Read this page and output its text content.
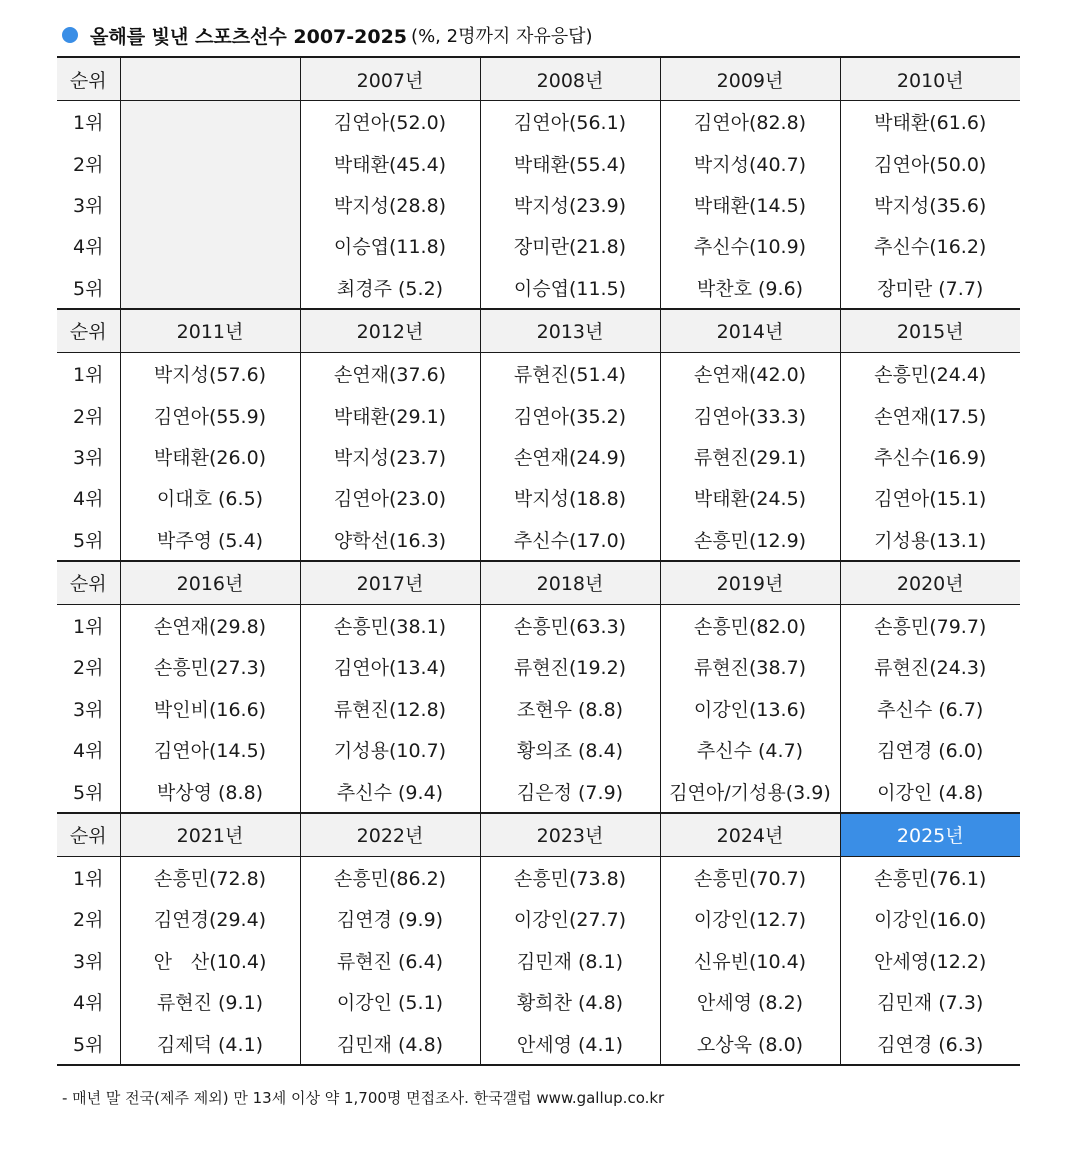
올해를 빛낸 스포츠선수 2007-2025 (%, 2명까지 자유응답)
순위		2007년	2008년	2009년	2010년
1위		김연아(52.0)	김연아(56.1)	김연아(82.8)	박태환(61.6)
2위		박태환(45.4)	박태환(55.4)	박지성(40.7)	김연아(50.0)
3위		박지성(28.8)	박지성(23.9)	박태환(14.5)	박지성(35.6)
4위		이승엽(11.8)	장미란(21.8)	추신수(10.9)	추신수(16.2)
5위		최경주 (5.2)	이승엽(11.5)	박찬호 (9.6)	장미란 (7.7)
순위	2011년	2012년	2013년	2014년	2015년
1위	박지성(57.6)	손연재(37.6)	류현진(51.4)	손연재(42.0)	손흥민(24.4)
2위	김연아(55.9)	박태환(29.1)	김연아(35.2)	김연아(33.3)	손연재(17.5)
3위	박태환(26.0)	박지성(23.7)	손연재(24.9)	류현진(29.1)	추신수(16.9)
4위	이대호 (6.5)	김연아(23.0)	박지성(18.8)	박태환(24.5)	김연아(15.1)
5위	박주영 (5.4)	양학선(16.3)	추신수(17.0)	손흥민(12.9)	기성용(13.1)
순위	2016년	2017년	2018년	2019년	2020년
1위	손연재(29.8)	손흥민(38.1)	손흥민(63.3)	손흥민(82.0)	손흥민(79.7)
2위	손흥민(27.3)	김연아(13.4)	류현진(19.2)	류현진(38.7)	류현진(24.3)
3위	박인비(16.6)	류현진(12.8)	조현우 (8.8)	이강인(13.6)	추신수 (6.7)
4위	김연아(14.5)	기성용(10.7)	황의조 (8.4)	추신수 (4.7)	김연경 (6.0)
5위	박상영 (8.8)	추신수 (9.4)	김은정 (7.9)	김연아/기성용(3.9)	이강인 (4.8)
순위	2021년	2022년	2023년	2024년	2025년
1위	손흥민(72.8)	손흥민(86.2)	손흥민(73.8)	손흥민(70.7)	손흥민(76.1)
2위	김연경(29.4)	김연경 (9.9)	이강인(27.7)	이강인(12.7)	이강인(16.0)
3위	안　산(10.4)	류현진 (6.4)	김민재 (8.1)	신유빈(10.4)	안세영(12.2)
4위	류현진 (9.1)	이강인 (5.1)	황희찬 (4.8)	안세영 (8.2)	김민재 (7.3)
5위	김제덕 (4.1)	김민재 (4.8)	안세영 (4.1)	오상욱 (8.0)	김연경 (6.3)
- 매년 말 전국(제주 제외) 만 13세 이상 약 1,700명 면접조사. 한국갤럽 www.gallup.co.kr
